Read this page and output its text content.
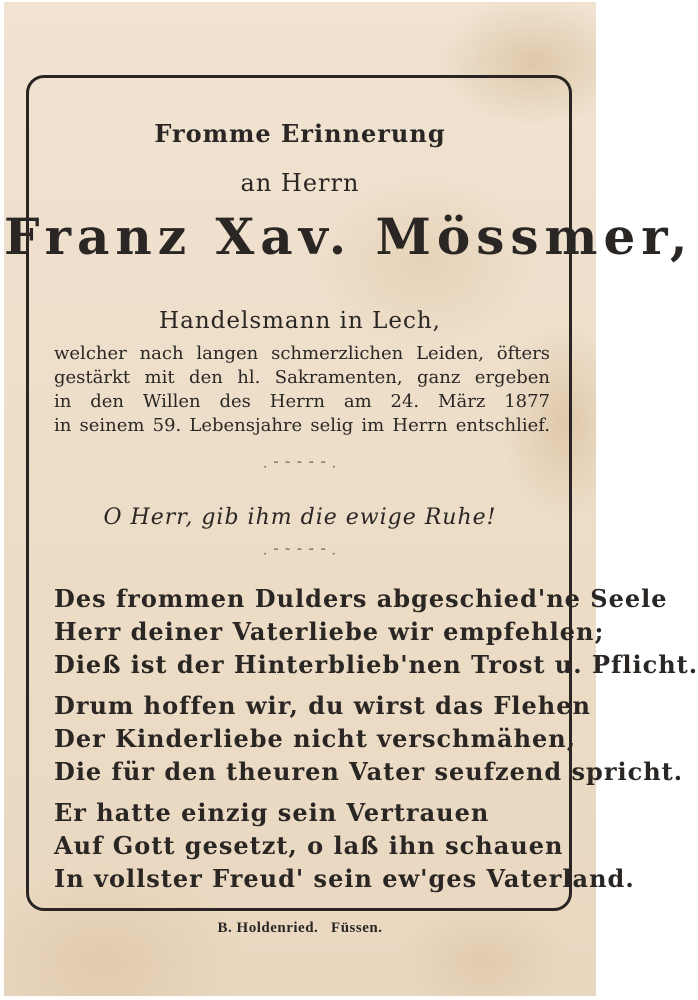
Fromme Erinnerung
an Herrn
Franz Xav. Mössmer,
Handelsmann in Lech,
welcher nach langen schmerzlichen Leiden, öfters
gestärkt mit den hl. Sakramenten, ganz ergeben
in den Willen des Herrn am 24. März 1877
in seinem 59. Lebensjahre selig im Herrn entschlief.
· ˜ ˜ ˜ ˜ ˜ ·
O Herr, gib ihm die ewige Ruhe!
· ˜ ˜ ˜ ˜ ˜ ·
Des frommen Dulders abgeschied'ne Seele
Herr deiner Vaterliebe wir empfehlen;
Dieß ist der Hinterblieb'nen Trost u. Pflicht.
Drum hoffen wir, du wirst das Flehen
Der Kinderliebe nicht verschmähen,
Die für den theuren Vater seufzend spricht.
Er hatte einzig sein Vertrauen
Auf Gott gesetzt, o laß ihn schauen
In vollster Freud' sein ew'ges Vaterland.
B. Holdenried.   Füssen.
